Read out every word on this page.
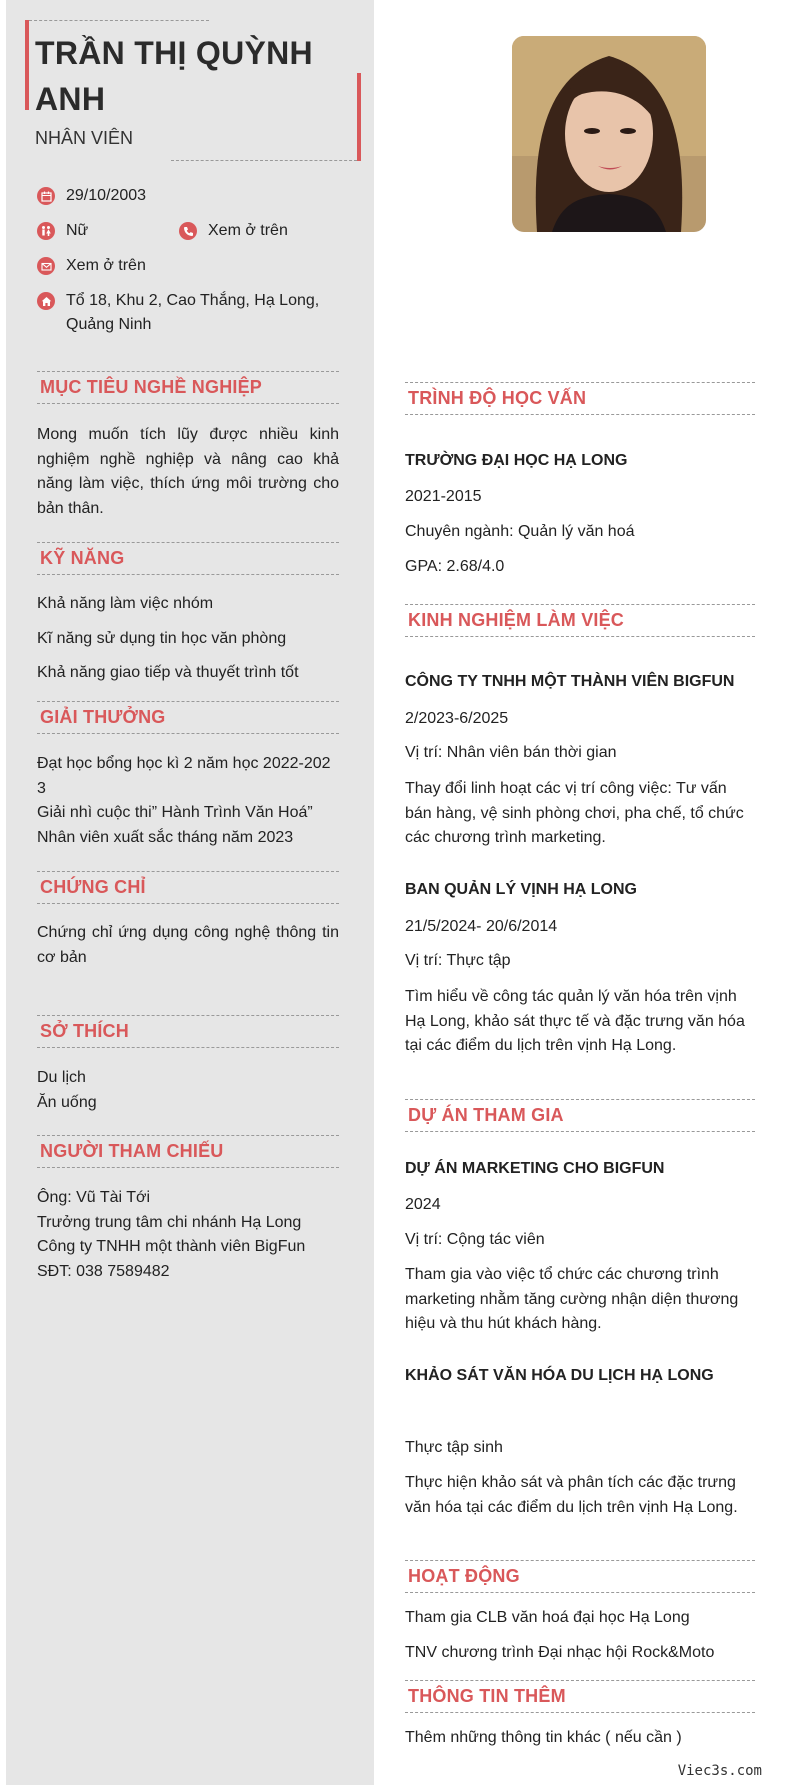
TRẦN THỊ QUỲNH ANH
NHÂN VIÊN
29/10/2003
Nữ	Xem ở trên
Xem ở trên
Tổ 18, Khu 2, Cao Thắng, Hạ Long, Quảng Ninh
MỤC TIÊU NGHỀ NGHIỆP
Mong muốn tích lũy được nhiều kinh nghiệm nghề nghiệp và nâng cao khả năng làm việc, thích ứng môi trường cho bản thân.
KỸ NĂNG
Khả năng làm việc nhóm
Kĩ năng sử dụng tin học văn phòng
Khả năng giao tiếp và thuyết trình tốt
GIẢI THƯỞNG
Đạt học bổng học kì 2 năm học 2022-2023
Giải nhì cuộc thi” Hành Trình Văn Hoá”
Nhân viên xuất sắc tháng năm 2023
CHỨNG CHỈ
Chứng chỉ ứng dụng công nghệ thông tin cơ bản
SỞ THÍCH
Du lịch
Ăn uống
NGƯỜI THAM CHIẾU
Ông: Vũ Tài Tới
Trưởng trung tâm chi nhánh Hạ Long
Công ty TNHH một thành viên BigFun
SĐT: 038 7589482
TRÌNH ĐỘ HỌC VẤN
TRƯỜNG ĐẠI HỌC HẠ LONG
2021-2015
Chuyên ngành: Quản lý văn hoá
GPA: 2.68/4.0
KINH NGHIỆM LÀM VIỆC
CÔNG TY TNHH MỘT THÀNH VIÊN BIGFUN
2/2023-6/2025
Vị trí: Nhân viên bán thời gian
Thay đổi linh hoạt các vị trí công việc: Tư vấn bán hàng, vệ sinh phòng chơi, pha chế, tổ chức các chương trình marketing.
BAN QUẢN LÝ VỊNH HẠ LONG
21/5/2024- 20/6/2014
Vị trí: Thực tập
Tìm hiểu về công tác quản lý văn hóa trên vịnh Hạ Long, khảo sát thực tế và đặc trưng văn hóa tại các điểm du lịch trên vịnh Hạ Long.
DỰ ÁN THAM GIA
DỰ ÁN MARKETING CHO BIGFUN
2024
Vị trí: Cộng tác viên
Tham gia vào việc tổ chức các chương trình marketing nhằm tăng cường nhận diện thương hiệu và thu hút khách hàng.
KHẢO SÁT VĂN HÓA DU LỊCH HẠ LONG
Thực tập sinh
Thực hiện khảo sát và phân tích các đặc trưng văn hóa tại các điểm du lịch trên vịnh Hạ Long.
HOẠT ĐỘNG
Tham gia CLB văn hoá đại học Hạ Long
TNV chương trình Đại nhạc hội Rock&Moto
THÔNG TIN THÊM
Thêm những thông tin khác ( nếu cần )
Viec3s.com
